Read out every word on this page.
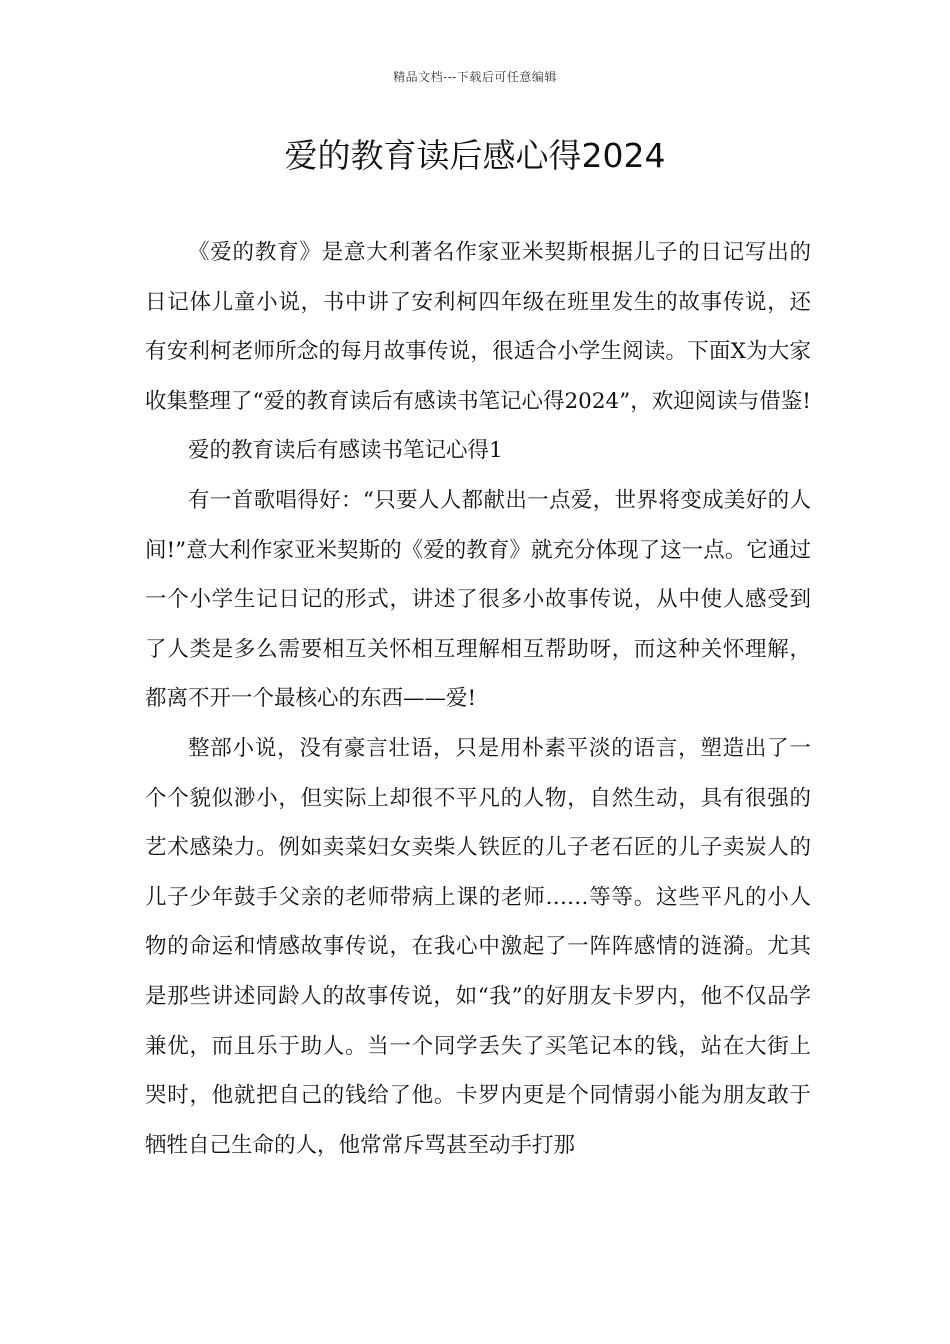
精品文档---下载后可任意编辑
爱的教育读后感心得2024

《爱的教育》是意大利著名作家亚米契斯根据儿子的日记写出的日记体儿童小说，书中讲了安利柯四年级在班里发生的故事传说，还有安利柯老师所念的每月故事传说，很适合小学生阅读。下面X为大家收集整理了“爱的教育读后有感读书笔记心得2024”，欢迎阅读与借鉴!

爱的教育读后有感读书笔记心得1

有一首歌唱得好：“只要人人都献出一点爱，世界将变成美好的人间!”意大利作家亚米契斯的《爱的教育》就充分体现了这一点。它通过一个小学生记日记的形式，讲述了很多小故事传说，从中使人感受到了人类是多么需要相互关怀相互理解相互帮助呀，而这种关怀理解，都离不开一个最核心的东西——爱!

整部小说，没有豪言壮语，只是用朴素平淡的语言，塑造出了一个个貌似渺小，但实际上却很不平凡的人物，自然生动，具有很强的艺术感染力。例如卖菜妇女卖柴人铁匠的儿子老石匠的儿子卖炭人的儿子少年鼓手父亲的老师带病上课的老师……等等。这些平凡的小人物的命运和情感故事传说，在我心中激起了一阵阵感情的涟漪。尤其是那些讲述同龄人的故事传说，如“我”的好朋友卡罗内，他不仅品学兼优，而且乐于助人。当一个同学丢失了买笔记本的钱，站在大街上哭时，他就把自己的钱给了他。卡罗内更是个同情弱小能为朋友敢于牺牲自己生命的人，他常常斥骂甚至动手打那
